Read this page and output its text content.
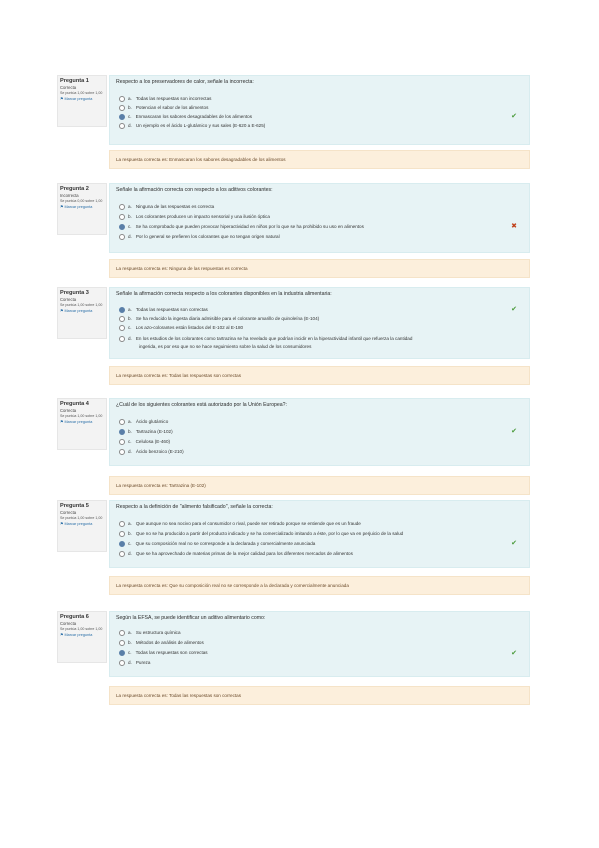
Pregunta 1
Correcta
Se puntúa 1,00 sobre 1,00
⚑ Marcar pregunta
Respecto a los preservadores de calor, señale la incorrecta:
a. Todas las respuestas son incorrectas
b. Potencian el sabor de los alimentos
c. Enmascaran los sabores desagradables de los alimentos
d. Un ejemplo es el ácido L-glutámico y sus sales (E-620 a E-625)
✔
La respuesta correcta es: Enmascaran los sabores desagradables de los alimentos
Pregunta 2
Incorrecta
Se puntúa 0,00 sobre 1,00
⚑ Marcar pregunta
Señale la afirmación correcta con respecto a los aditivos colorantes:
a. Ninguna de las respuestas es correcta
b. Los colorantes producen un impacto sensorial y una ilusión óptica
c. Se ha comprobado que pueden provocar hiperactividad en niños por lo que se ha prohibido su uso en alimentos
d. Por lo general se prefieren los colorantes que no tengan origen natural
✖
La respuesta correcta es: Ninguna de las respuestas es correcta
Pregunta 3
Correcta
Se puntúa 1,00 sobre 1,00
⚑ Marcar pregunta
Señale la afirmación correcta respecto a los colorantes disponibles en la industria alimentaria:
a. Todas las respuestas son correctas
b. Se ha reducido la ingesta diaria admisible para el colorante amarillo de quinoleína (E-104)
c. Los azo-colorantes están listados del E-102 al E-180
d. En los estudios de los colorantes como tartrazina se ha revelado que podrían incidir en la hiperactividad infantil que refuerza la cantidad
ingerida, es por eso que no se hace seguimiento sobre la salud de los consumidores
✔
La respuesta correcta es: Todas las respuestas son correctas
Pregunta 4
Correcta
Se puntúa 1,00 sobre 1,00
⚑ Marcar pregunta
¿Cuál de los siguientes colorantes está autorizado por la Unión Europea?:
a. Ácido glutámico
b. Tartrazina (E-102)
c. Celulosa (E-460)
d. Ácido benzoico (E-210)
✔
La respuesta correcta es: Tartrazina (E-102)
Pregunta 5
Correcta
Se puntúa 1,00 sobre 1,00
⚑ Marcar pregunta
Respecto a la definición de "alimento falsificado", señale la correcta:
a. Que aunque no sea nocivo para el consumidor o rival, puede ser retirado porque se entiende que es un fraude
b. Que no se ha producido a partir del producto indicado y se ha comercializado imitando a éste, por lo que va en perjuicio de la salud
c. Que su composición real no se corresponde a la declarada y comercialmente anunciada
d. Que se ha aprovechado de materias primas de la mejor calidad para los diferentes mercados de alimentos
✔
La respuesta correcta es: Que su composición real no se corresponde a la declarada y comercialmente anunciada
Pregunta 6
Correcta
Se puntúa 1,00 sobre 1,00
⚑ Marcar pregunta
Según la EFSA, se puede identificar un aditivo alimentario como:
a. Su estructura química
b. Métodos de análisis de alimentos
c. Todas las respuestas son correctas
d. Pureza
✔
La respuesta correcta es: Todas las respuestas son correctas
